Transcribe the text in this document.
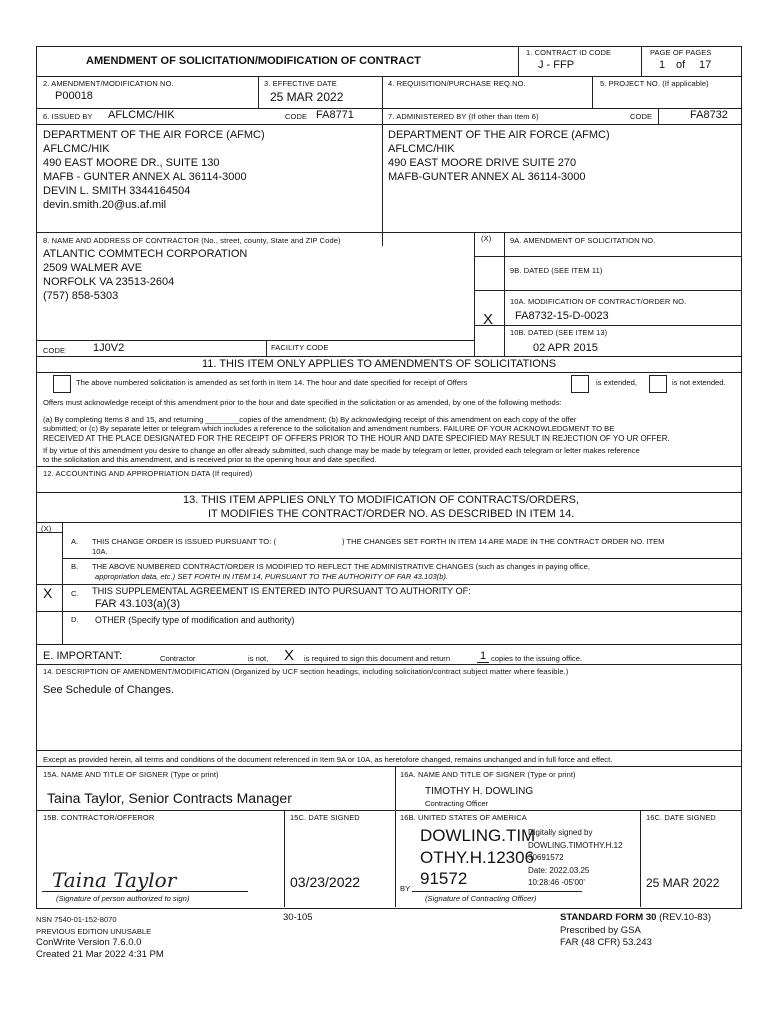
AMENDMENT OF SOLICITATION/MODIFICATION OF CONTRACT
1. CONTRACT ID CODE
J - FFP
PAGE OF PAGES
1 of 17
2. AMENDMENT/MODIFICATION NO.
P00018
3. EFFECTIVE DATE
25 MAR 2022
4. REQUISITION/PURCHASE REQ.NO.	5. PROJECT NO. (If applicable)
6. ISSUED BY AFLCMC/HIK	CODE FA8771	7. ADMINISTERED BY (If other than Item 6)	CODE	FA8732
DEPARTMENT OF THE AIR FORCE (AFMC)
AFLCMC/HIK
490 EAST MOORE DR., SUITE 130
MAFB - GUNTER ANNEX AL 36114-3000
DEVIN L. SMITH 3344164504
devin.smith.20@us.af.mil
DEPARTMENT OF THE AIR FORCE (AFMC)
AFLCMC/HIK
490 EAST MOORE DRIVE SUITE 270
MAFB-GUNTER ANNEX AL 36114-3000
8. NAME AND ADDRESS OF CONTRACTOR (No., street, county, State and ZIP Code)	(X)
ATLANTIC COMMTECH CORPORATION
2509 WALMER AVE
NORFOLK VA 23513-2604
(757) 858-5303
9A. AMENDMENT OF SOLICITATION NO.
9B. DATED (SEE ITEM 11)
10A. MODIFICATION OF CONTRACT/ORDER NO.
X FA8732-15-D-0023
10B. DATED (SEE ITEM 13)
02 APR 2015
CODE	1J0V2	FACILITY CODE
11. THIS ITEM ONLY APPLIES TO AMENDMENTS OF SOLICITATIONS
The above numbered solicitation is amended as set forth in Item 14. The hour and date specified for receipt of Offers	is extended,	is not extended.
Offers must acknowledge receipt of this amendment prior to the hour and date specified in the solicitation or as amended, by one of the following methods:
(a) By completing Items 8 and 15, and returning ________copies of the amendment; (b) By acknowledging receipt of this amendment on each copy of the offer
submitted; or (c) By separate letter or telegram which includes a reference to the solicitation and amendment numbers. FAILURE OF YOUR ACKNOWLEDGMENT TO BE
RECEIVED AT THE PLACE DESIGNATED FOR THE RECEIPT OF OFFERS PRIOR TO THE HOUR AND DATE SPECIFIED MAY RESULT IN REJECTION OF YO UR OFFER.
If by virtue of this amendment you desire to change an offer already submitted, such change may be made by telegram or letter, provided each telegram or letter makes reference
to the solicitation and this amendment, and is received prior to the opening hour and date specified.
12. ACCOUNTING AND APPROPRIATION DATA (If required)
13. THIS ITEM APPLIES ONLY TO MODIFICATION OF CONTRACTS/ORDERS,
IT MODIFIES THE CONTRACT/ORDER NO. AS DESCRIBED IN ITEM 14.
(X)
A. THIS CHANGE ORDER IS ISSUED PURSUANT TO: (	) THE CHANGES SET FORTH IN ITEM 14 ARE MADE IN THE CONTRACT ORDER NO. ITEM
10A.
B. THE ABOVE NUMBERED CONTRACT/ORDER IS MODIFIED TO REFLECT THE ADMINISTRATIVE CHANGES (such as changes in paying office,
appropriation data, etc.) SET FORTH IN ITEM 14, PURSUANT TO THE AUTHORITY OF FAR 43.103(b).
X C. THIS SUPPLEMENTAL AGREEMENT IS ENTERED INTO PURSUANT TO AUTHORITY OF:
FAR 43.103(a)(3)
D. OTHER (Specify type of modification and authority)
E. IMPORTANT:	Contractor	is not, X is required to sign this document and return	1 copies to the issuing office.
14. DESCRIPTION OF AMENDMENT/MODIFICATION (Organized by UCF section headings, including solicitation/contract subject matter where feasible.)
See Schedule of Changes.
Except as provided herein, all terms and conditions of the document referenced in Item 9A or 10A, as heretofore changed, remains unchanged and in full force and effect.
15A. NAME AND TITLE OF SIGNER (Type or print)
Taina Taylor, Senior Contracts Manager
16A. NAME AND TITLE OF SIGNER (Type or print)
TIMOTHY H. DOWLING
Contracting Officer
15B. CONTRACTOR/OFFEROR	15C. DATE SIGNED	16B. UNITED STATES OF AMERICA	16C. DATE SIGNED
Taina Taylor
(Signature of person authorized to sign)
03/23/2022
DOWLING.TIM
OTHY.H.12306
91572
Digitally signed by
DOWLING.TIMOTHY.H.12
30691572
Date: 2022.03.25
10:28:46 -05'00'
BY
(Signature of Contracting Officer)
25 MAR 2022
NSN 7540-01-152-8070
PREVIOUS EDITION UNUSABLE
ConWrite Version 7.6.0.0
Created 21 Mar 2022 4:31 PM
30-105	STANDARD FORM 30 (REV.10-83)
Prescribed by GSA
FAR (48 CFR) 53.243
